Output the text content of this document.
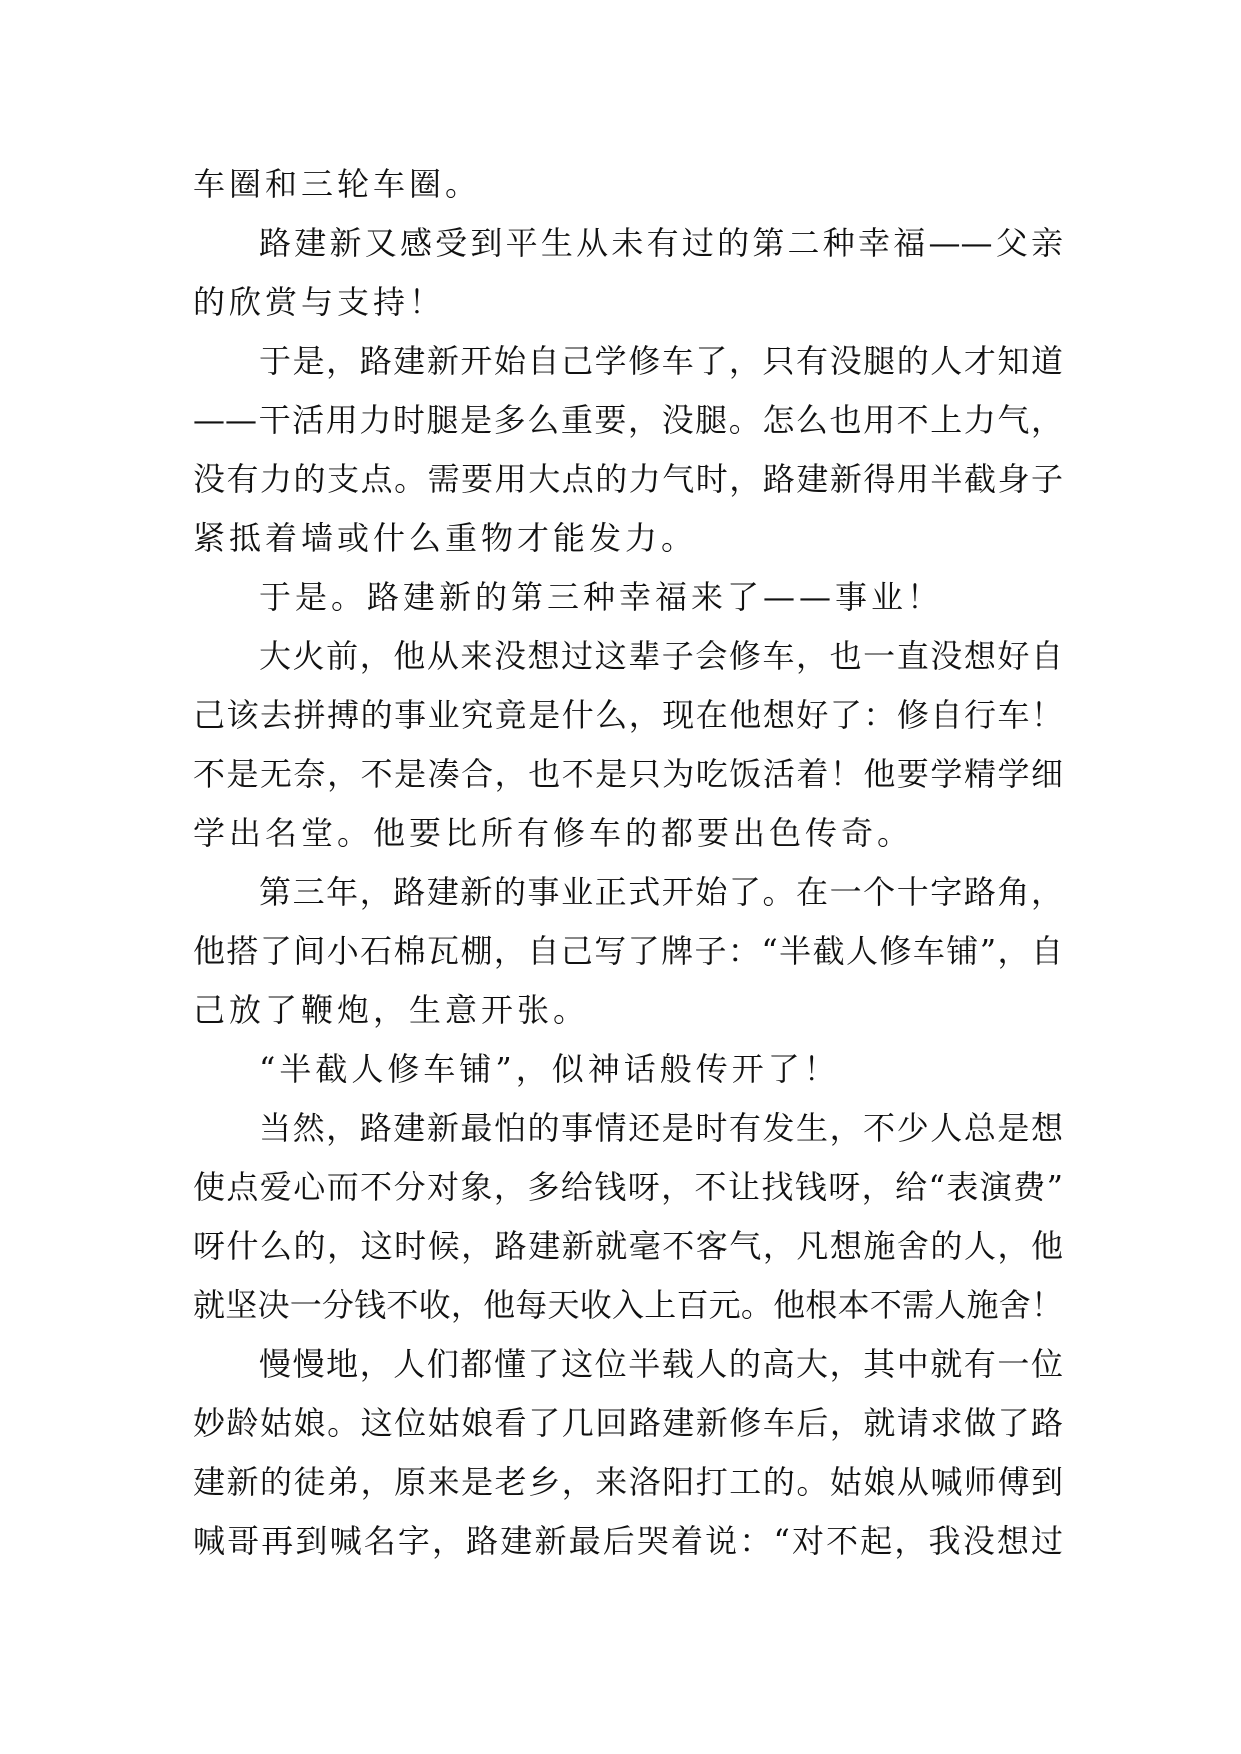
车圈和三轮车圈。
路建新又感受到平生从未有过的第二种幸福——父亲
的欣赏与支持！
于是，路建新开始自己学修车了，只有没腿的人才知道
——干活用力时腿是多么重要，没腿。怎么也用不上力气，
没有力的支点。需要用大点的力气时，路建新得用半截身子
紧抵着墙或什么重物才能发力。
于是。路建新的第三种幸福来了——事业！
大火前，他从来没想过这辈子会修车，也一直没想好自
己该去拼搏的事业究竟是什么，现在他想好了：修自行车！
不是无奈，不是凑合，也不是只为吃饭活着！他要学精学细
学出名堂。他要比所有修车的都要出色传奇。
第三年，路建新的事业正式开始了。在一个十字路角，
他搭了间小石棉瓦棚，自己写了牌子：“半截人修车铺”，自
己放了鞭炮，生意开张。
“半截人修车铺”，似神话般传开了！
当然，路建新最怕的事情还是时有发生，不少人总是想
使点爱心而不分对象，多给钱呀，不让找钱呀，给“表演费”
呀什么的，这时候，路建新就毫不客气，凡想施舍的人，他
就坚决一分钱不收，他每天收入上百元。他根本不需人施舍！
慢慢地，人们都懂了这位半载人的高大，其中就有一位
妙龄姑娘。这位姑娘看了几回路建新修车后，就请求做了路
建新的徒弟，原来是老乡，来洛阳打工的。姑娘从喊师傅到
喊哥再到喊名字，路建新最后哭着说：“对不起，我没想过
